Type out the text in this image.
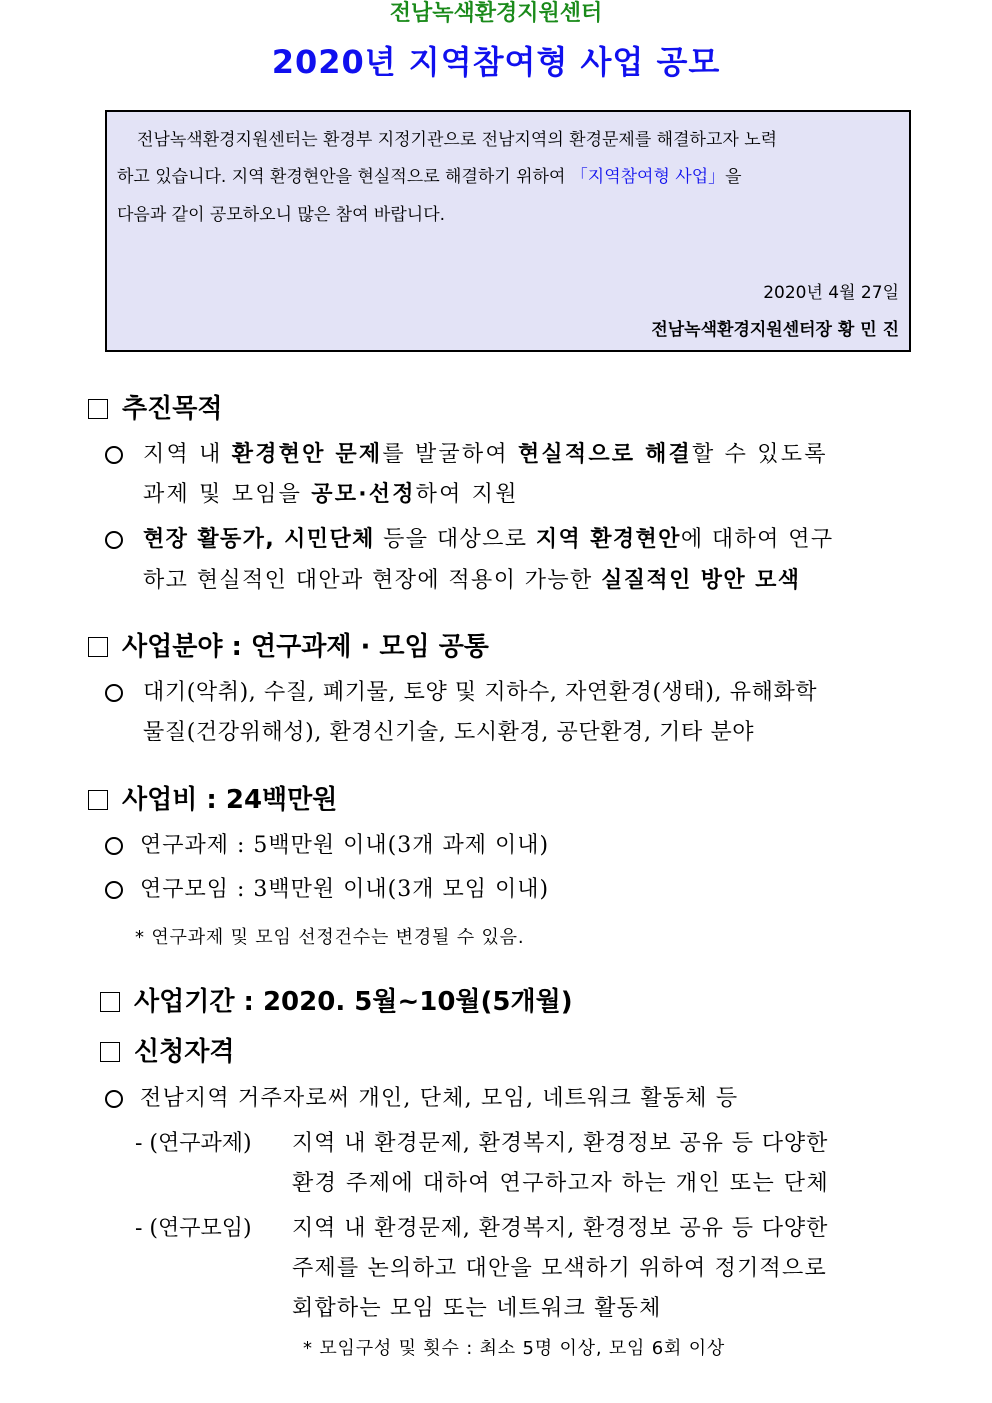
전남녹색환경지원센터
2020년 지역참여형 사업 공모
전남녹색환경지원센터는 환경부 지정기관으로 전남지역의 환경문제를 해결하고자 노력
하고 있습니다. 지역 환경현안을 현실적으로 해결하기 위하여 「지역참여형 사업」을
다음과 같이 공모하오니 많은 참여 바랍니다.
2020년 4월 27일
전남녹색환경지원센터장 황 민 진
추진목적
지역 내 환경현안 문제를 발굴하여 현실적으로 해결할 수 있도록
과제 및 모임을 공모·선정하여 지원
현장 활동가, 시민단체 등을 대상으로 지역 환경현안에 대하여 연구
하고 현실적인 대안과 현장에 적용이 가능한 실질적인 방안 모색
사업분야 : 연구과제 · 모임 공통
대기(악취), 수질, 폐기물, 토양 및 지하수, 자연환경(생태), 유해화학
물질(건강위해성), 환경신기술, 도시환경, 공단환경, 기타 분야
사업비 : 24백만원
연구과제 : 5백만원 이내(3개 과제 이내)
연구모임 : 3백만원 이내(3개 모임 이내)
* 연구과제 및 모임 선정건수는 변경될 수 있음.
사업기간 : 2020. 5월~10월(5개월)
신청자격
전남지역 거주자로써 개인, 단체, 모임, 네트워크 활동체 등
- (연구과제) 지역 내 환경문제, 환경복지, 환경정보 공유 등 다양한
환경 주제에 대하여 연구하고자 하는 개인 또는 단체
- (연구모임) 지역 내 환경문제, 환경복지, 환경정보 공유 등 다양한
주제를 논의하고 대안을 모색하기 위하여 정기적으로
회합하는 모임 또는 네트워크 활동체
* 모임구성 및 횟수 : 최소 5명 이상, 모임 6회 이상
